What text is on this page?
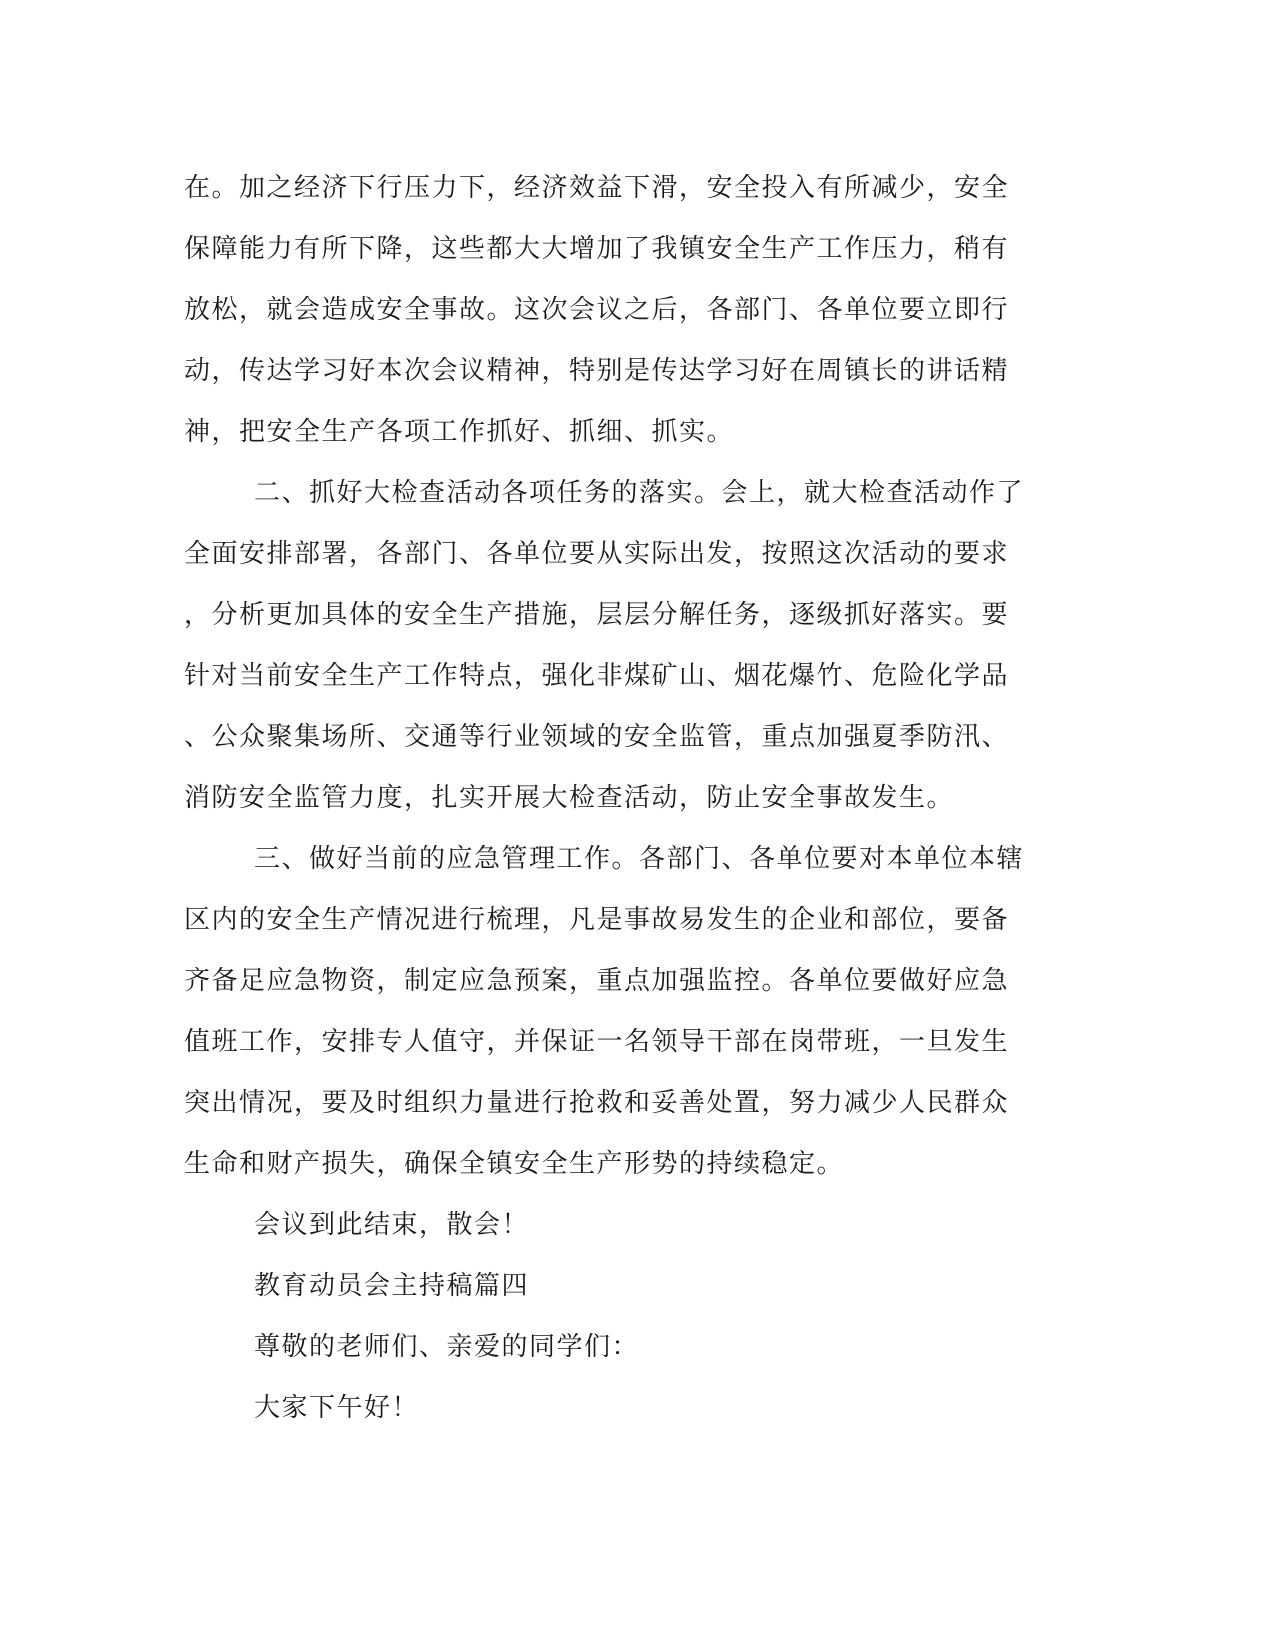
在。加之经济下行压力下，经济效益下滑，安全投入有所减少，安全
保障能力有所下降，这些都大大增加了我镇安全生产工作压力，稍有
放松，就会造成安全事故。这次会议之后，各部门、各单位要立即行
动，传达学习好本次会议精神，特别是传达学习好在周镇长的讲话精
神，把安全生产各项工作抓好、抓细、抓实。
二、抓好大检查活动各项任务的落实。会上，就大检查活动作了
全面安排部署，各部门、各单位要从实际出发，按照这次活动的要求
，分析更加具体的安全生产措施，层层分解任务，逐级抓好落实。要
针对当前安全生产工作特点，强化非煤矿山、烟花爆竹、危险化学品
、公众聚集场所、交通等行业领域的安全监管，重点加强夏季防汛、
消防安全监管力度，扎实开展大检查活动，防止安全事故发生。
三、做好当前的应急管理工作。各部门、各单位要对本单位本辖
区内的安全生产情况进行梳理，凡是事故易发生的企业和部位，要备
齐备足应急物资，制定应急预案，重点加强监控。各单位要做好应急
值班工作，安排专人值守，并保证一名领导干部在岗带班，一旦发生
突出情况，要及时组织力量进行抢救和妥善处置，努力减少人民群众
生命和财产损失，确保全镇安全生产形势的持续稳定。
会议到此结束，散会！
教育动员会主持稿篇四
尊敬的老师们、亲爱的同学们：
大家下午好！
